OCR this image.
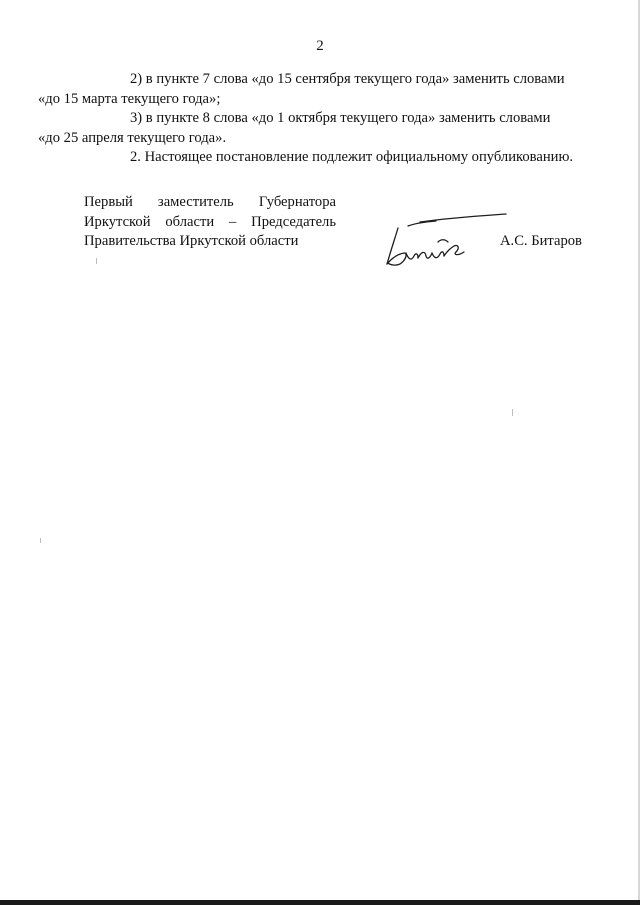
2

2) в пункте 7 слова «до 15 сентября текущего года» заменить словами
«до 15 марта текущего года»;

3) в пункте 8 слова «до 1 октября текущего года» заменить словами
«до 25 апреля текущего года».

2. Настоящее постановление подлежит официальному опубликованию.

Первый заместитель Губернатора
Иркутской области – Председатель
Правительства Иркутской области	А.С. Битаров
